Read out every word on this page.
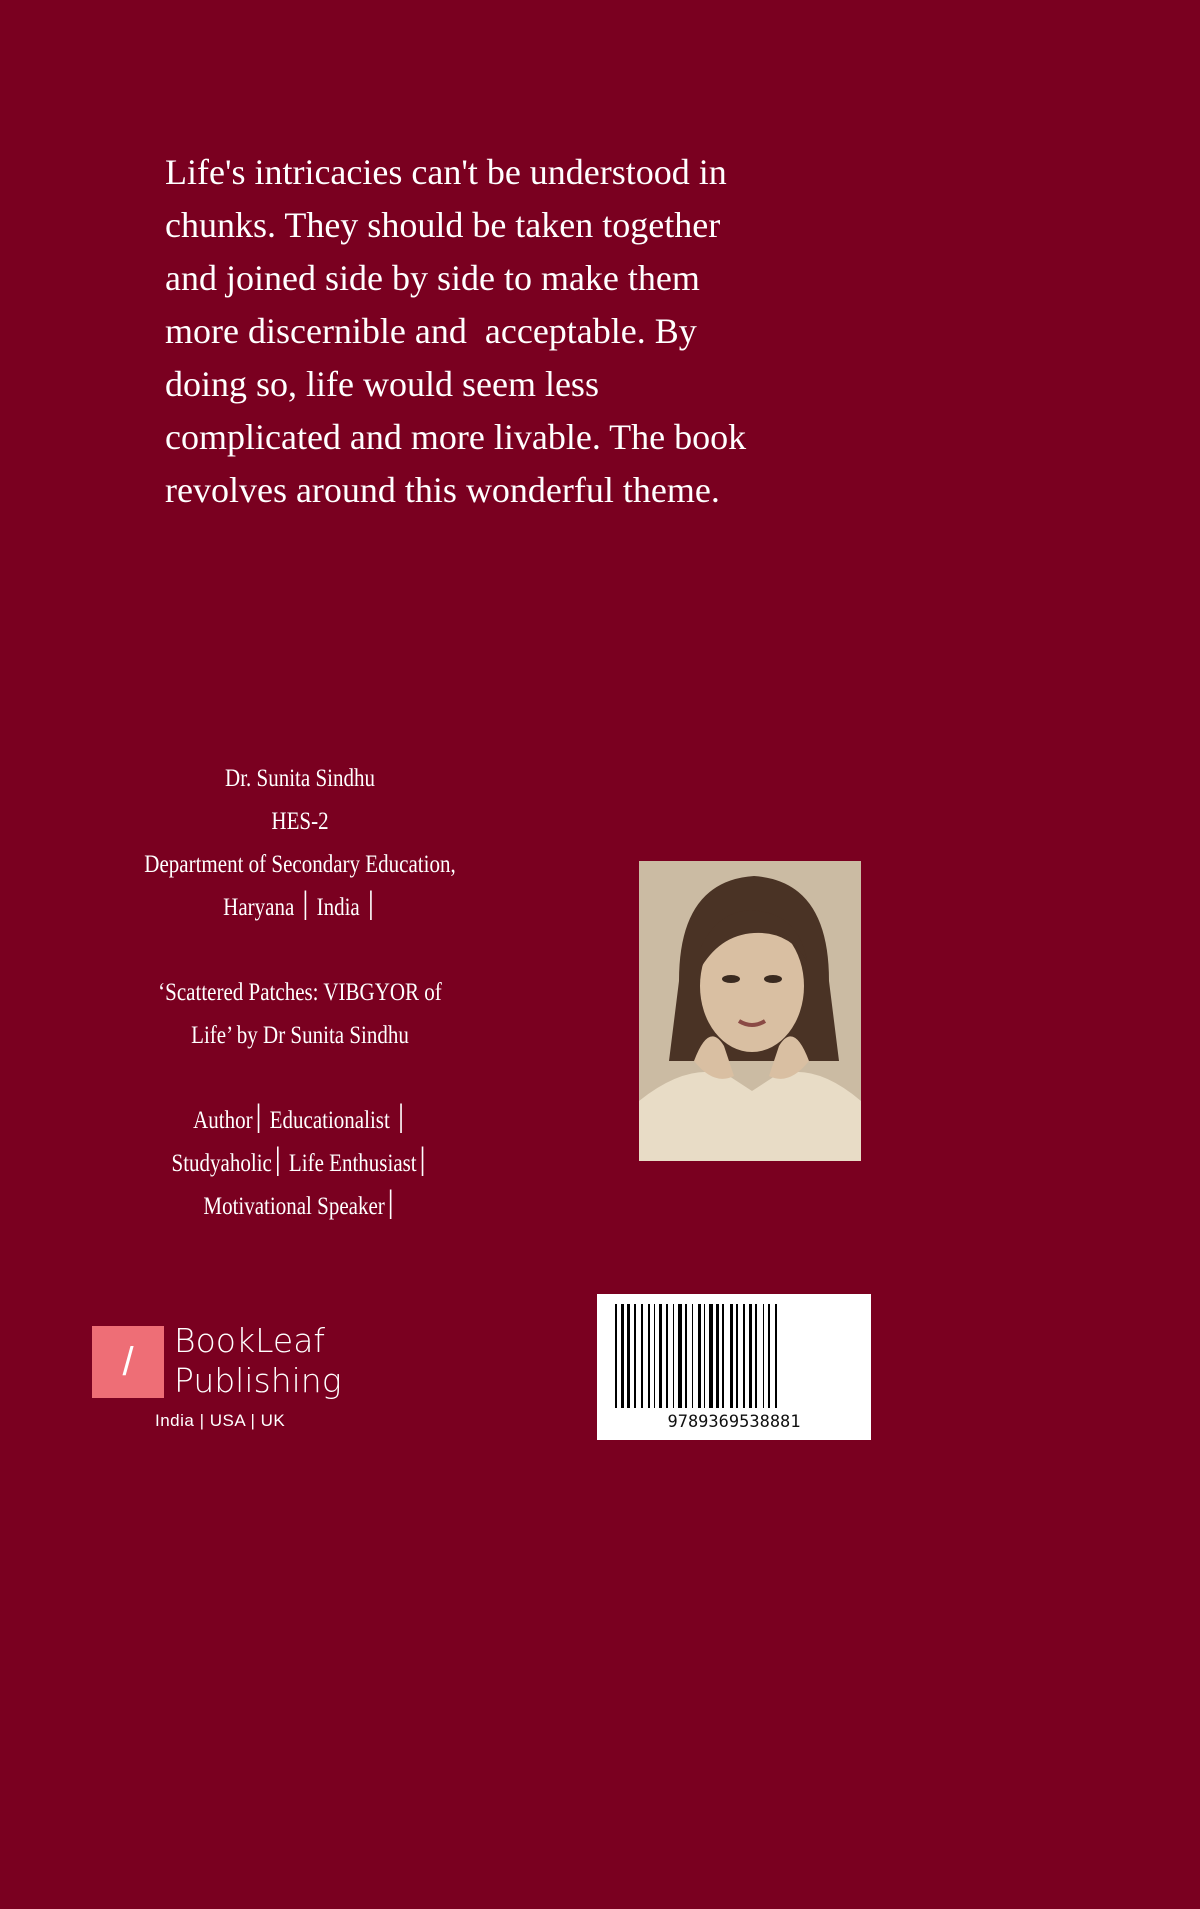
Life's intricacies can't be understood in

chunks. They should be taken together

and joined side by side to make them

more discernible and  acceptable. By

doing so, life would seem less

complicated and more livable. The book

revolves around this wonderful theme.

Dr. Sunita Sindhu

HES-2

Department of Secondary Education,

Haryana ׀ India ׀

‘Scattered Patches: VIBGYOR of

Life’ by Dr Sunita Sindhu

Author׀ Educationalist ׀

Studyaholic׀ Life Enthusiast׀

Motivational Speaker׀

/ BookLeaf
Publishing
India | USA | UK	9789369538881
